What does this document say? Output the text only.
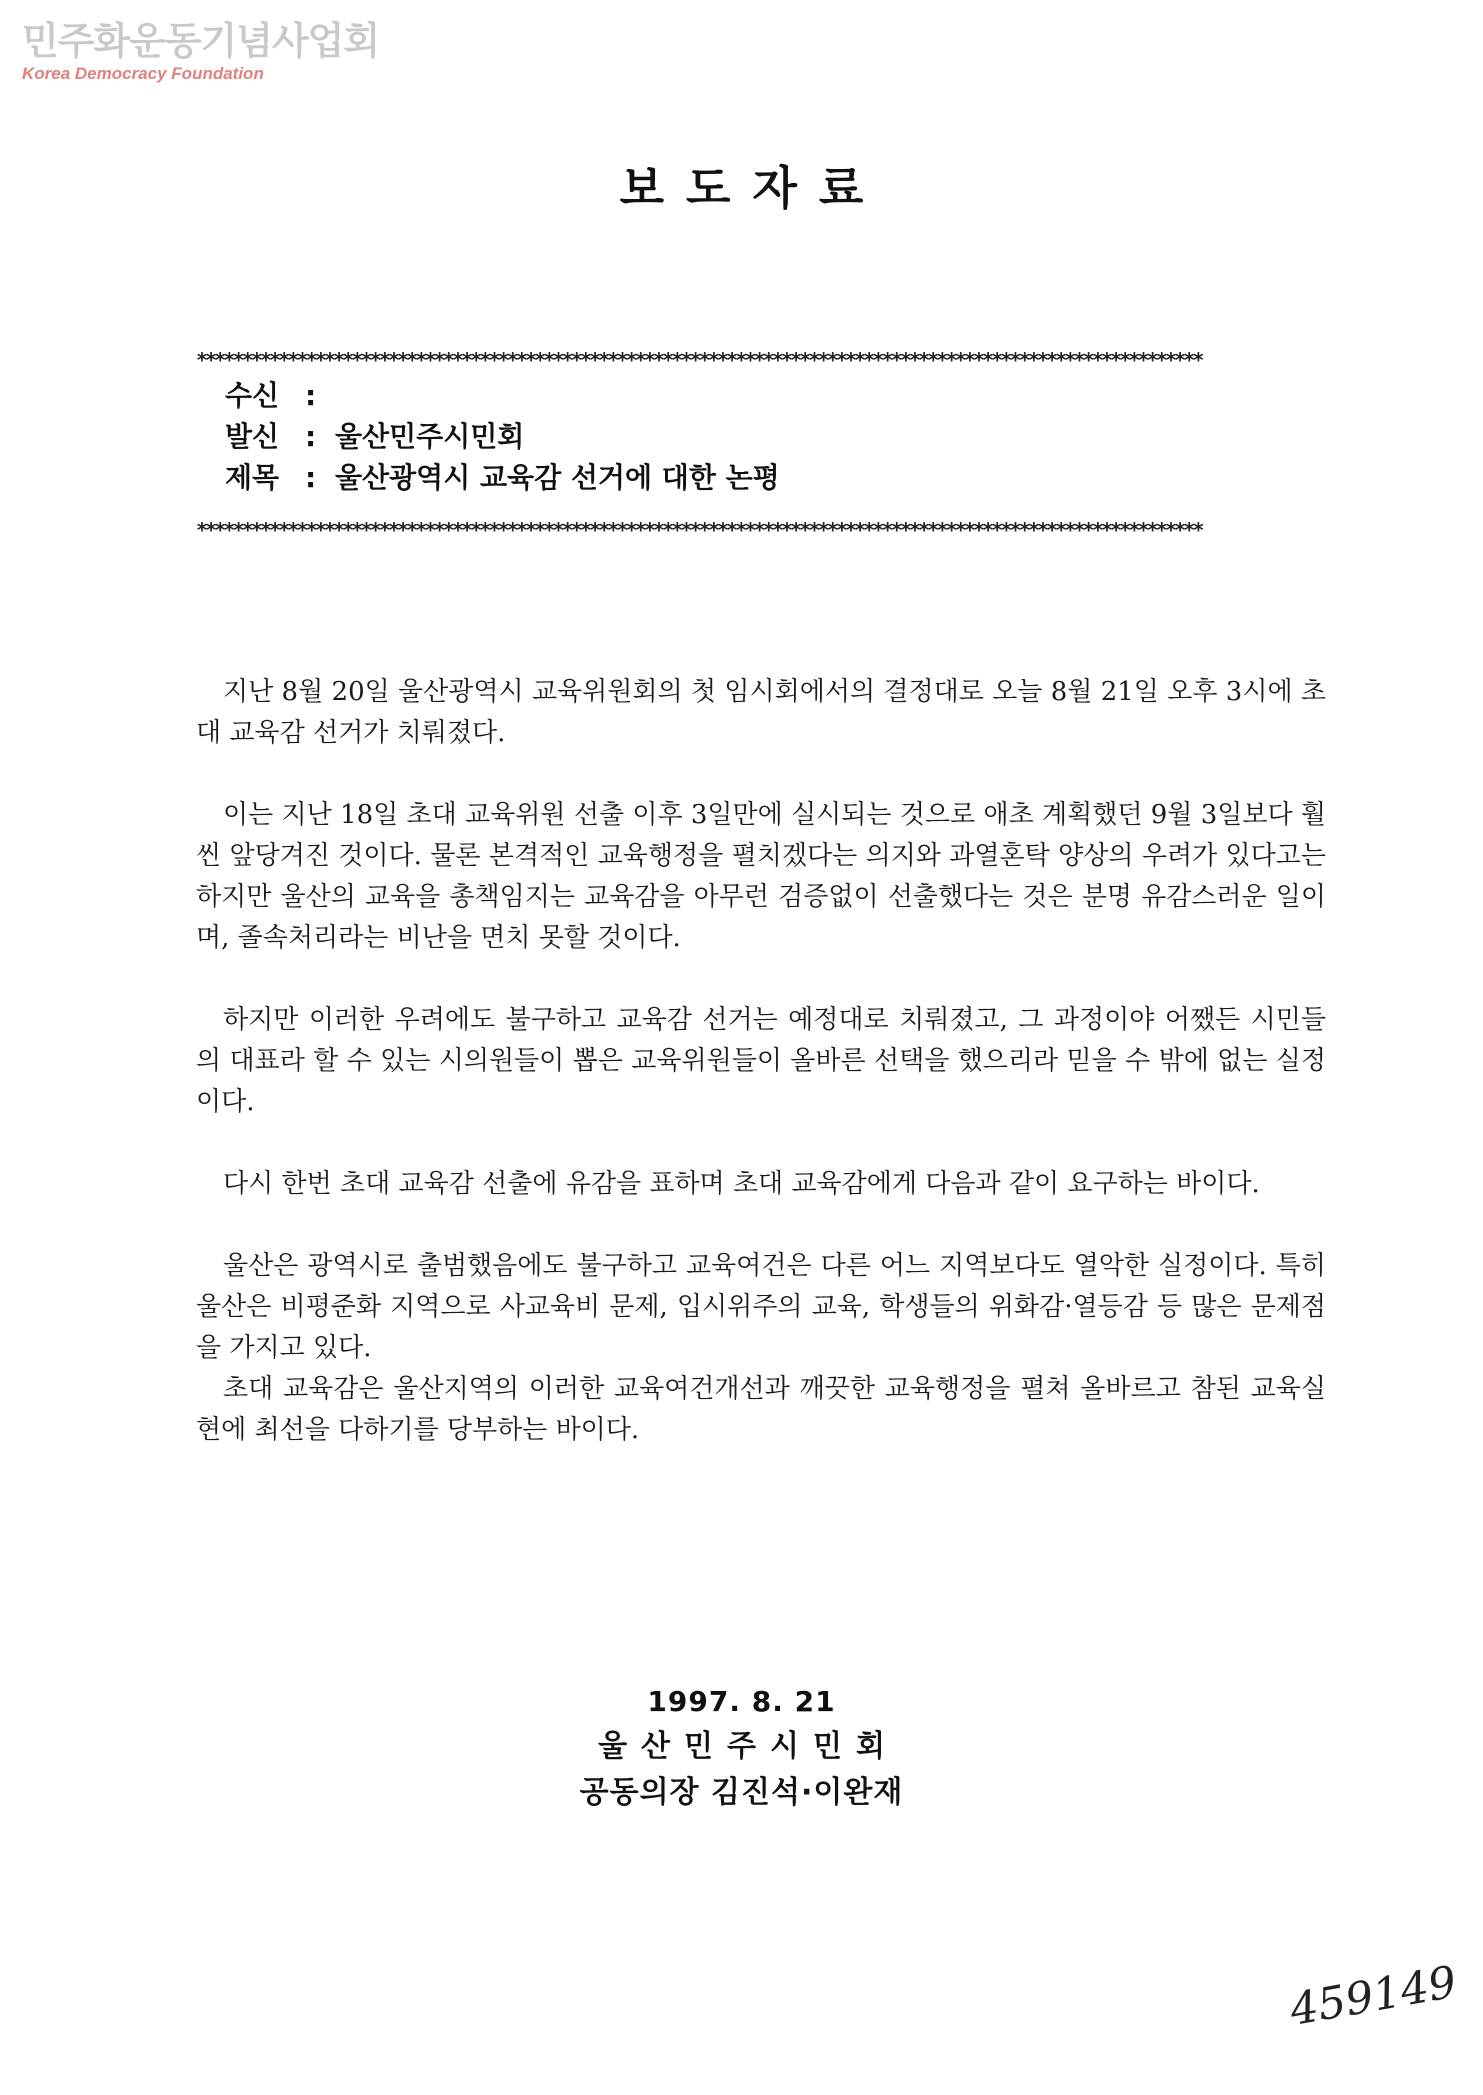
민주화운동기념사업회
Korea Democracy Foundation
보도자료
**************************************************************************************************************
수신 :
발신 : 울산민주시민회
제목 : 울산광역시 교육감 선거에 대한 논평
**************************************************************************************************************

지난 8월 20일 울산광역시 교육위원회의 첫 임시회에서의 결정대로 오늘 8월 21일 오후 3시에 초대 교육감 선거가 치뤄졌다.

이는 지난 18일 초대 교육위원 선출 이후 3일만에 실시되는 것으로 애초 계획했던 9월 3일보다 훨씬 앞당겨진 것이다. 물론 본격적인 교육행정을 펼치겠다는 의지와 과열혼탁 양상의 우려가 있다고는 하지만 울산의 교육을 총책임지는 교육감을 아무런 검증없이 선출했다는 것은 분명 유감스러운 일이며, 졸속처리라는 비난을 면치 못할 것이다.

하지만 이러한 우려에도 불구하고 교육감 선거는 예정대로 치뤄졌고, 그 과정이야 어쨌든 시민들의 대표라 할 수 있는 시의원들이 뽑은 교육위원들이 올바른 선택을 했으리라 믿을 수 밖에 없는 실정이다.

다시 한번 초대 교육감 선출에 유감을 표하며 초대 교육감에게 다음과 같이 요구하는 바이다.

울산은 광역시로 출범했음에도 불구하고 교육여건은 다른 어느 지역보다도 열악한 실정이다. 특히 울산은 비평준화 지역으로 사교육비 문제, 입시위주의 교육, 학생들의 위화감·열등감 등 많은 문제점을 가지고 있다.

초대 교육감은 울산지역의 이러한 교육여건개선과 깨끗한 교육행정을 펼쳐 올바르고 참된 교육실현에 최선을 다하기를 당부하는 바이다.

1997. 8. 21
울산민주시민회
공동의장 김진석·이완재
459149
